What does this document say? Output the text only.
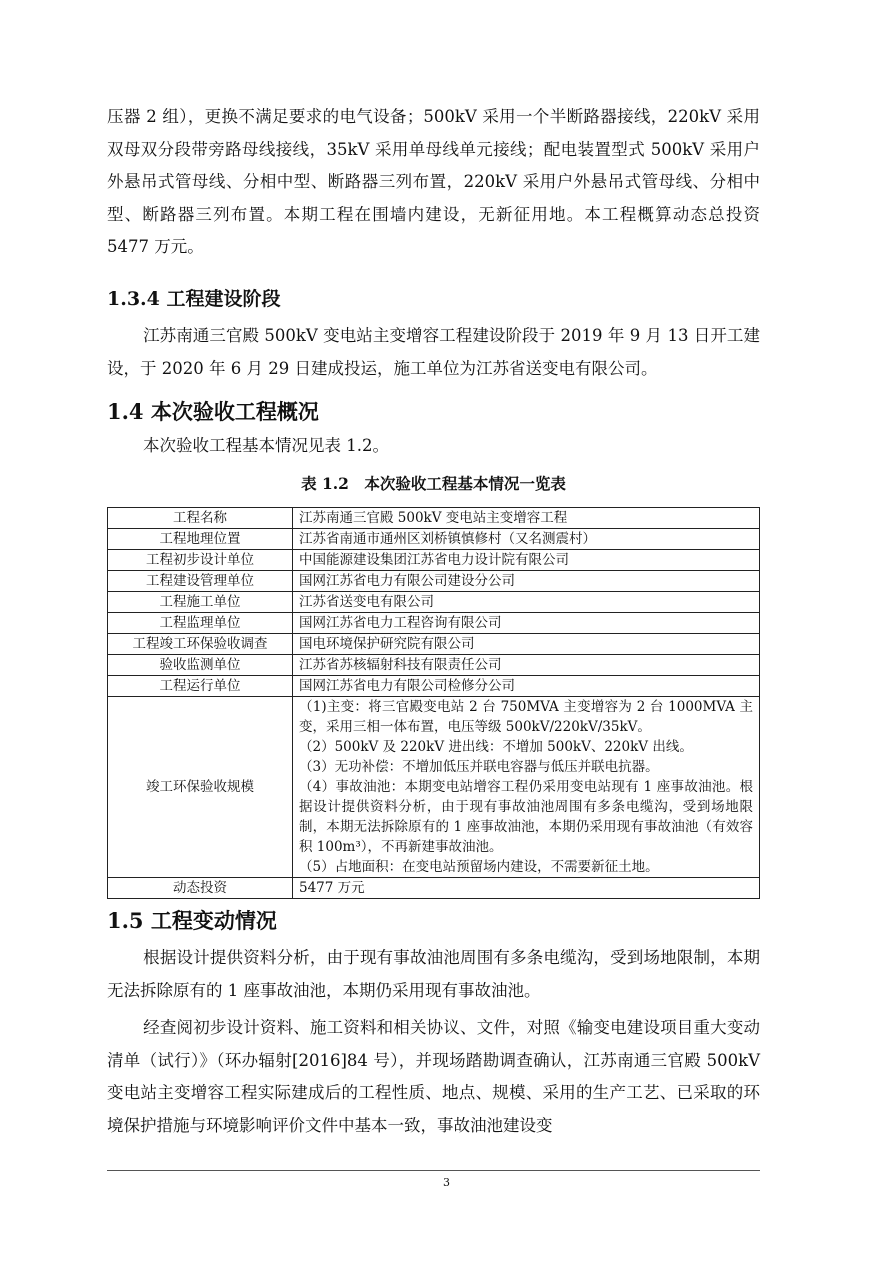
压器 2 组），更换不满足要求的电气设备；500kV 采用一个半断路器接线，220kV 采用双母双分段带旁路母线接线，35kV 采用单母线单元接线；配电装置型式 500kV 采用户外悬吊式管母线、分相中型、断路器三列布置，220kV 采用户外悬吊式管母线、分相中型、断路器三列布置。本期工程在围墙内建设，无新征用地。本工程概算动态总投资 5477 万元。

1.3.4 工程建设阶段

江苏南通三官殿 500kV 变电站主变增容工程建设阶段于 2019 年 9 月 13 日开工建设，于 2020 年 6 月 29 日建成投运，施工单位为江苏省送变电有限公司。

1.4 本次验收工程概况

本次验收工程基本情况见表 1.2。

表 1.2　本次验收工程基本情况一览表

工程名称	江苏南通三官殿 500kV 变电站主变增容工程
工程地理位置	江苏省南通市通州区刘桥镇慎修村（又名测震村）
工程初步设计单位	中国能源建设集团江苏省电力设计院有限公司
工程建设管理单位	国网江苏省电力有限公司建设分公司
工程施工单位	江苏省送变电有限公司
工程监理单位	国网江苏省电力工程咨询有限公司
工程竣工环保验收调查	国电环境保护研究院有限公司
验收监测单位	江苏省苏核辐射科技有限责任公司
工程运行单位	国网江苏省电力有限公司检修分公司
竣工环保验收规模	（1)主变：将三官殿变电站 2 台 750MVA 主变增容为 2 台 1000MVA 主变，采用三相一体布置，电压等级 500kV/220kV/35kV。

（2）500kV 及 220kV 进出线：不增加 500kV、220kV 出线。

（3）无功补偿：不增加低压并联电容器与低压并联电抗器。

（4）事故油池：本期变电站增容工程仍采用变电站现有 1 座事故油池。根据设计提供资料分析，由于现有事故油池周围有多条电缆沟，受到场地限制，本期无法拆除原有的 1 座事故油池，本期仍采用现有事故油池（有效容积 100m³），不再新建事故油池。

（5）占地面积：在变电站预留场内建设，不需要新征土地。

动态投资	5477 万元
1.5 工程变动情况

根据设计提供资料分析，由于现有事故油池周围有多条电缆沟，受到场地限制，本期无法拆除原有的 1 座事故油池，本期仍采用现有事故油池。

经查阅初步设计资料、施工资料和相关协议、文件，对照《输变电建设项目重大变动清单（试行）》（环办辐射[2016]84 号），并现场踏勘调查确认，江苏南通三官殿 500kV 变电站主变增容工程实际建成后的工程性质、地点、规模、采用的生产工艺、已采取的环境保护措施与环境影响评价文件中基本一致，事故油池建设变

3
